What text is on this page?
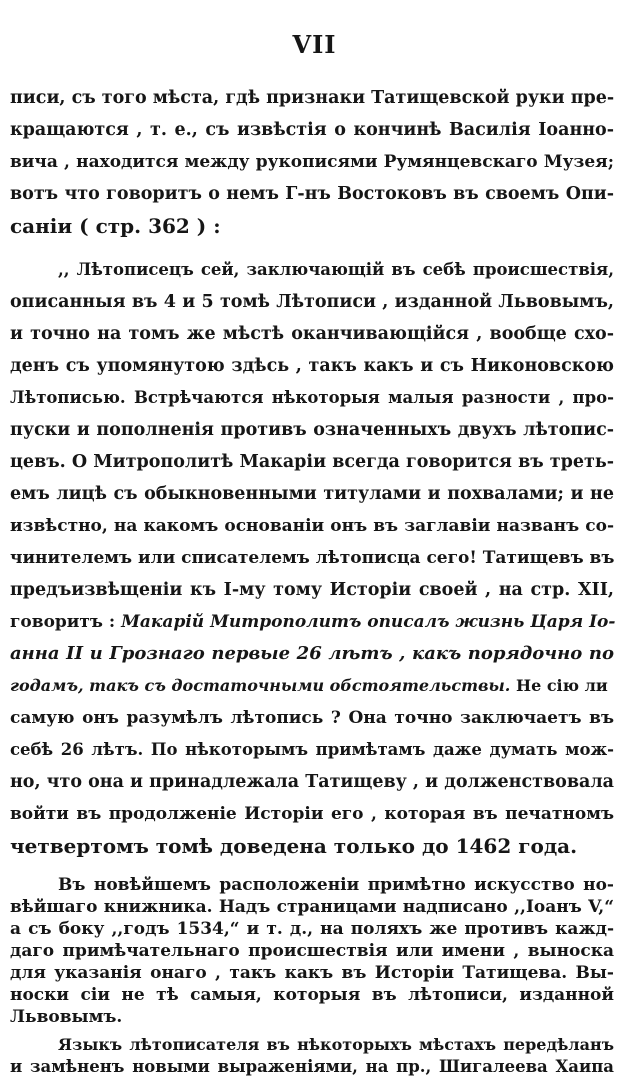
VII
писи, съ того мѣста, гдѣ признаки Татищевской руки пре-
кращаются , т. е., съ извѣстія о кончинѣ Василія Іоанно-
вича , находится между рукописями Румянцевскаго Музея;
вотъ что говоритъ о немъ Г-нъ Востоковъ въ своемъ Опи-
саніи ( стр. 362 ) :
,, Лѣтописецъ сей, заключающій въ себѣ происшествія,
описанныя въ 4 и 5 томѣ Лѣтописи , изданной Львовымъ,
и точно на томъ же мѣстѣ оканчивающійся , вообще схо-
денъ съ упомянутою здѣсь , такъ какъ и съ Никоновскою
Лѣтописью. Встрѣчаются нѣкоторыя малыя разности , про-
пуски и пополненія противъ означенныхъ двухъ лѣтопис-
цевъ. О Митрополитѣ Макаріи всегда говорится въ треть-
емъ лицѣ съ обыкновенными титулами и похвалами; и не
извѣстно, на какомъ основаніи онъ въ заглавіи названъ со-
чинителемъ или списателемъ лѣтописца сего! Татищевъ въ
предъизвѣщеніи къ І-му тому Исторіи своей , на стр. XII,
говоритъ : Макарій Митрополитъ описалъ жизнь Царя Іо-
анна II и Грознаго первые 26 лѣтъ , какъ порядочно по
годамъ, такъ съ достаточными обстоятельствы. Не сію ли
самую онъ разумѣлъ лѣтопись ? Она точно заключаетъ въ
себѣ 26 лѣтъ. По нѣкоторымъ примѣтамъ даже думать мож-
но, что она и принадлежала Татищеву , и долженствовала
войти въ продолженіе Исторіи его , которая въ печатномъ
четвертомъ томѣ доведена только до 1462 года.
Въ новѣйшемъ расположеніи примѣтно искусство но-
вѣйшаго книжника. Надъ страницами надписано ,,Іоанъ V,“
а съ боку ,,годъ 1534,“ и т. д., на поляхъ же противъ кажд-
даго примѣчательнаго происшествія или имени , выноска
для указанія онаго , такъ какъ въ Исторіи Татищева. Вы-
носки сіи не тѣ самыя, которыя въ лѣтописи, изданной
Львовымъ.
Языкъ лѣтописателя въ нѣкоторыхъ мѣстахъ передѣланъ
и замѣненъ новыми выраженіями, на пр., Шигалеева Хаипа
